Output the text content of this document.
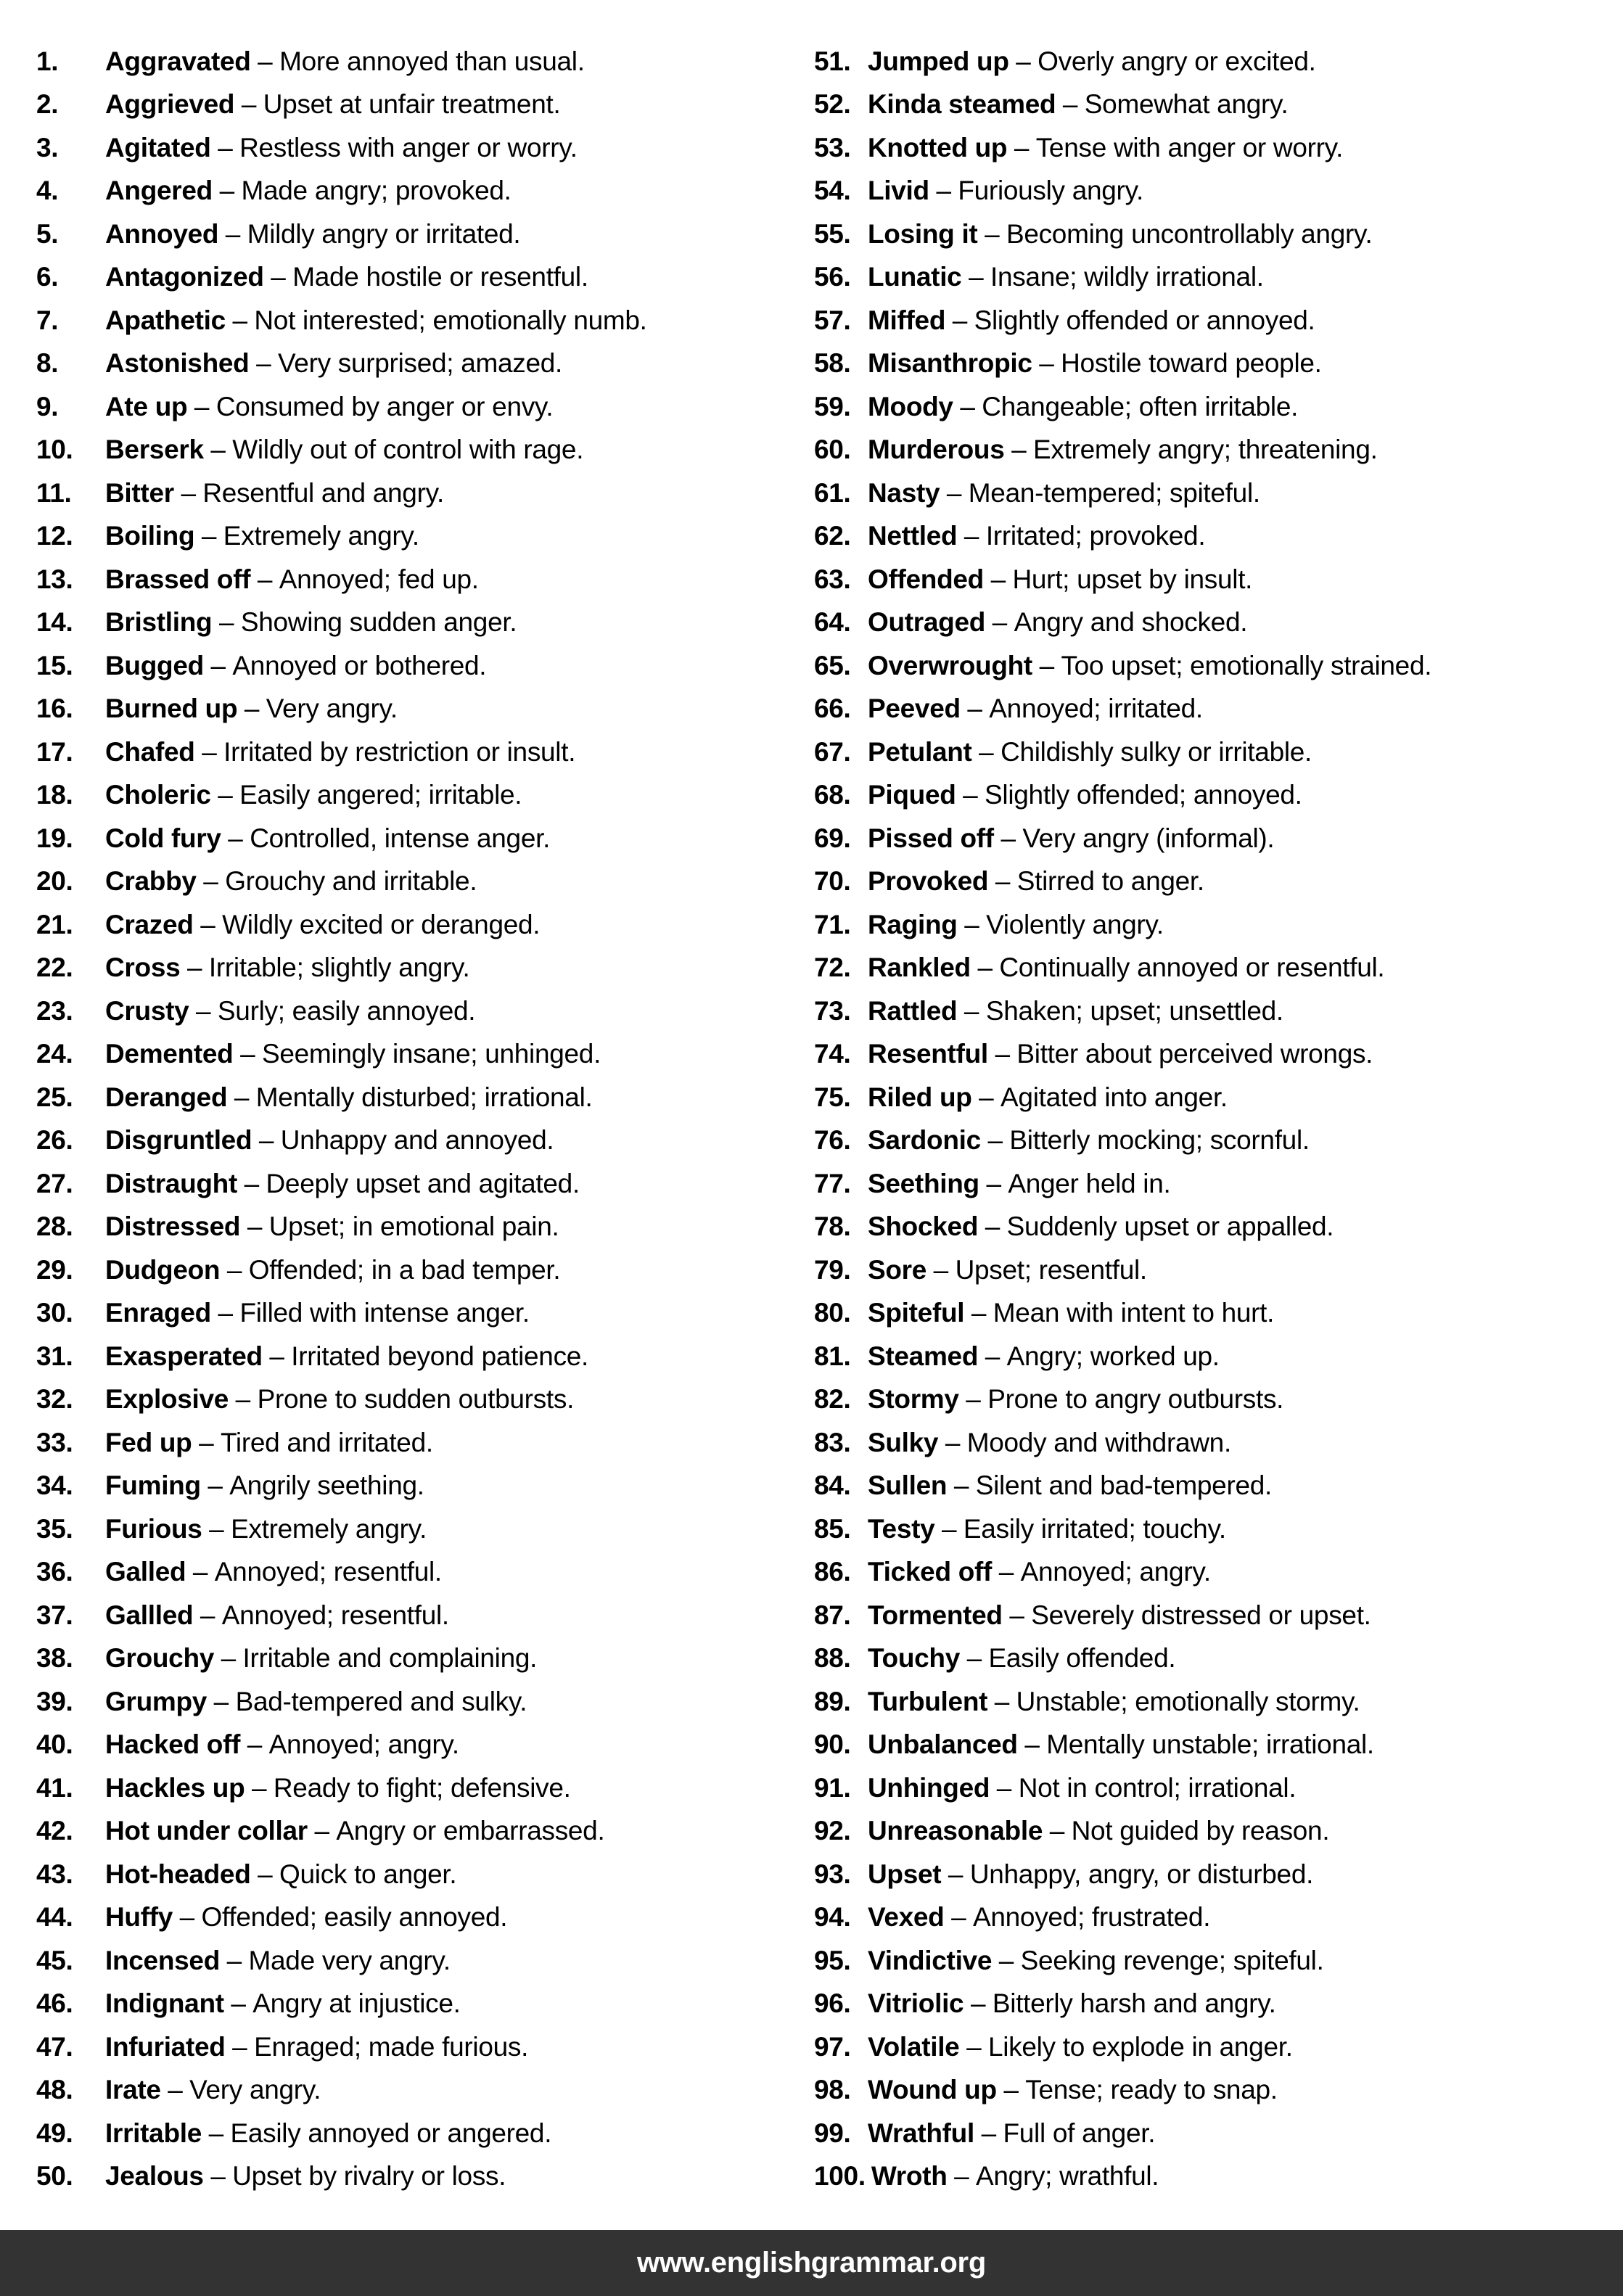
1.	Aggravated – More annoyed than usual.
2.	Aggrieved – Upset at unfair treatment.
3.	Agitated – Restless with anger or worry.
4.	Angered – Made angry; provoked.
5.	Annoyed – Mildly angry or irritated.
6.	Antagonized – Made hostile or resentful.
7.	Apathetic – Not interested; emotionally numb.
8.	Astonished – Very surprised; amazed.
9.	Ate up – Consumed by anger or envy.
10.	Berserk – Wildly out of control with rage.
11.	Bitter – Resentful and angry.
12.	Boiling – Extremely angry.
13.	Brassed off – Annoyed; fed up.
14.	Bristling – Showing sudden anger.
15.	Bugged – Annoyed or bothered.
16.	Burned up – Very angry.
17.	Chafed – Irritated by restriction or insult.
18.	Choleric – Easily angered; irritable.
19.	Cold fury – Controlled, intense anger.
20.	Crabby – Grouchy and irritable.
21.	Crazed – Wildly excited or deranged.
22.	Cross – Irritable; slightly angry.
23.	Crusty – Surly; easily annoyed.
24.	Demented – Seemingly insane; unhinged.
25.	Deranged – Mentally disturbed; irrational.
26.	Disgruntled – Unhappy and annoyed.
27.	Distraught – Deeply upset and agitated.
28.	Distressed – Upset; in emotional pain.
29.	Dudgeon – Offended; in a bad temper.
30.	Enraged – Filled with intense anger.
31.	Exasperated – Irritated beyond patience.
32.	Explosive – Prone to sudden outbursts.
33.	Fed up – Tired and irritated.
34.	Fuming – Angrily seething.
35.	Furious – Extremely angry.
36.	Galled – Annoyed; resentful.
37.	Gallled – Annoyed; resentful.
38.	Grouchy – Irritable and complaining.
39.	Grumpy – Bad-tempered and sulky.
40.	Hacked off – Annoyed; angry.
41.	Hackles up – Ready to fight; defensive.
42.	Hot under collar – Angry or embarrassed.
43.	Hot-headed – Quick to anger.
44.	Huffy – Offended; easily annoyed.
45.	Incensed – Made very angry.
46.	Indignant – Angry at injustice.
47.	Infuriated – Enraged; made furious.
48.	Irate – Very angry.
49.	Irritable – Easily annoyed or angered.
50.	Jealous – Upset by rivalry or loss.
51. Jumped up – Overly angry or excited.
52. Kinda steamed – Somewhat angry.
53. Knotted up – Tense with anger or worry.
54. Livid – Furiously angry.
55. Losing it – Becoming uncontrollably angry.
56. Lunatic – Insane; wildly irrational.
57. Miffed – Slightly offended or annoyed.
58. Misanthropic – Hostile toward people.
59. Moody – Changeable; often irritable.
60. Murderous – Extremely angry; threatening.
61. Nasty – Mean-tempered; spiteful.
62. Nettled – Irritated; provoked.
63. Offended – Hurt; upset by insult.
64. Outraged – Angry and shocked.
65. Overwrought – Too upset; emotionally strained.
66. Peeved – Annoyed; irritated.
67. Petulant – Childishly sulky or irritable.
68. Piqued – Slightly offended; annoyed.
69. Pissed off – Very angry (informal).
70. Provoked – Stirred to anger.
71. Raging – Violently angry.
72. Rankled – Continually annoyed or resentful.
73. Rattled – Shaken; upset; unsettled.
74. Resentful – Bitter about perceived wrongs.
75. Riled up – Agitated into anger.
76. Sardonic – Bitterly mocking; scornful.
77. Seething – Anger held in.
78. Shocked – Suddenly upset or appalled.
79. Sore – Upset; resentful.
80. Spiteful – Mean with intent to hurt.
81. Steamed – Angry; worked up.
82. Stormy – Prone to angry outbursts.
83. Sulky – Moody and withdrawn.
84. Sullen – Silent and bad-tempered.
85. Testy – Easily irritated; touchy.
86. Ticked off – Annoyed; angry.
87. Tormented – Severely distressed or upset.
88. Touchy – Easily offended.
89. Turbulent – Unstable; emotionally stormy.
90. Unbalanced – Mentally unstable; irrational.
91. Unhinged – Not in control; irrational.
92. Unreasonable – Not guided by reason.
93. Upset – Unhappy, angry, or disturbed.
94. Vexed – Annoyed; frustrated.
95. Vindictive – Seeking revenge; spiteful.
96. Vitriolic – Bitterly harsh and angry.
97. Volatile – Likely to explode in anger.
98. Wound up – Tense; ready to snap.
99. Wrathful – Full of anger.
100. Wroth – Angry; wrathful.
www.englishgrammar.org
